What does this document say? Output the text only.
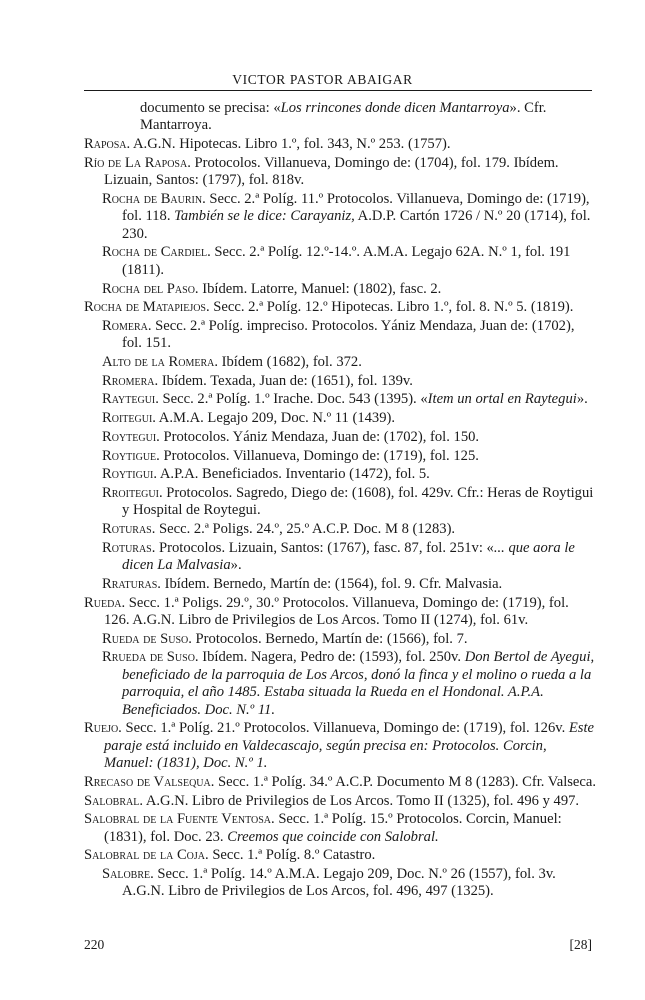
VICTOR PASTOR ABAIGAR

documento se precisa: «Los rrincones donde dicen Mantarroya». Cfr. Mantarroya.

Raposa. A.G.N. Hipotecas. Libro 1.º, fol. 343, N.º 253. (1757).

Río de La Raposa. Protocolos. Villanueva, Domingo de: (1704), fol. 179. Ibídem. Lizuain, Santos: (1797), fol. 818v.

Rocha de Baurin. Secc. 2.ª Políg. 11.º Protocolos. Villanueva, Domingo de: (1719), fol. 118. También se le dice: Carayaniz, A.D.P. Cartón 1726 / N.º 20 (1714), fol. 230.

Rocha de Cardiel. Secc. 2.ª Políg. 12.º-14.º. A.M.A. Legajo 62A. N.º 1, fol. 191 (1811).

Rocha del Paso. Ibídem. Latorre, Manuel: (1802), fasc. 2.

Rocha de Matapiejos. Secc. 2.ª Políg. 12.º Hipotecas. Libro 1.º, fol. 8. N.º 5. (1819).

Romera. Secc. 2.ª Políg. impreciso. Protocolos. Yániz Mendaza, Juan de: (1702), fol. 151.

Alto de la Romera. Ibídem (1682), fol. 372.

Rromera. Ibídem. Texada, Juan de: (1651), fol. 139v.

Raytegui. Secc. 2.ª Políg. 1.º Irache. Doc. 543 (1395). «Item un ortal en Raytegui».

Roitegui. A.M.A. Legajo 209, Doc. N.º 11 (1439).

Roytegui. Protocolos. Yániz Mendaza, Juan de: (1702), fol. 150.

Roytigue. Protocolos. Villanueva, Domingo de: (1719), fol. 125.

Roytigui. A.P.A. Beneficiados. Inventario (1472), fol. 5.

Rroitegui. Protocolos. Sagredo, Diego de: (1608), fol. 429v. Cfr.: Heras de Roytigui y Hospital de Roytegui.

Roturas. Secc. 2.ª Poligs. 24.º, 25.º A.C.P. Doc. M 8 (1283).

Roturas. Protocolos. Lizuain, Santos: (1767), fasc. 87, fol. 251v: «... que aora le dicen La Malvasia».

Rraturas. Ibídem. Bernedo, Martín de: (1564), fol. 9. Cfr. Malvasia.

Rueda. Secc. 1.ª Poligs. 29.º, 30.º Protocolos. Villanueva, Domingo de: (1719), fol. 126. A.G.N. Libro de Privilegios de Los Arcos. Tomo II (1274), fol. 61v.

Rueda de Suso. Protocolos. Bernedo, Martín de: (1566), fol. 7.

Rrueda de Suso. Ibídem. Nagera, Pedro de: (1593), fol. 250v. Don Bertol de Ayegui, beneficiado de la parroquia de Los Arcos, donó la finca y el molino o rueda a la parroquia, el año 1485. Estaba situada la Rueda en el Hondonal. A.P.A. Beneficiados. Doc. N.º 11.

Ruejo. Secc. 1.ª Políg. 21.º Protocolos. Villanueva, Domingo de: (1719), fol. 126v. Este paraje está incluido en Valdecascajo, según precisa en: Protocolos. Corcin, Manuel: (1831), Doc. N.º 1.

Rrecaso de Valsequa. Secc. 1.ª Políg. 34.º A.C.P. Documento M 8 (1283). Cfr. Valseca.

Salobral. A.G.N. Libro de Privilegios de Los Arcos. Tomo II (1325), fol. 496 y 497.

Salobral de la Fuente Ventosa. Secc. 1.ª Políg. 15.º Protocolos. Corcin, Manuel: (1831), fol. Doc. 23. Creemos que coincide con Salobral.

Salobral de la Coja. Secc. 1.ª Políg. 8.º Catastro.

Salobre. Secc. 1.ª Políg. 14.º A.M.A. Legajo 209, Doc. N.º 26 (1557), fol. 3v. A.G.N. Libro de Privilegios de Los Arcos, fol. 496, 497 (1325).

220	[28]
